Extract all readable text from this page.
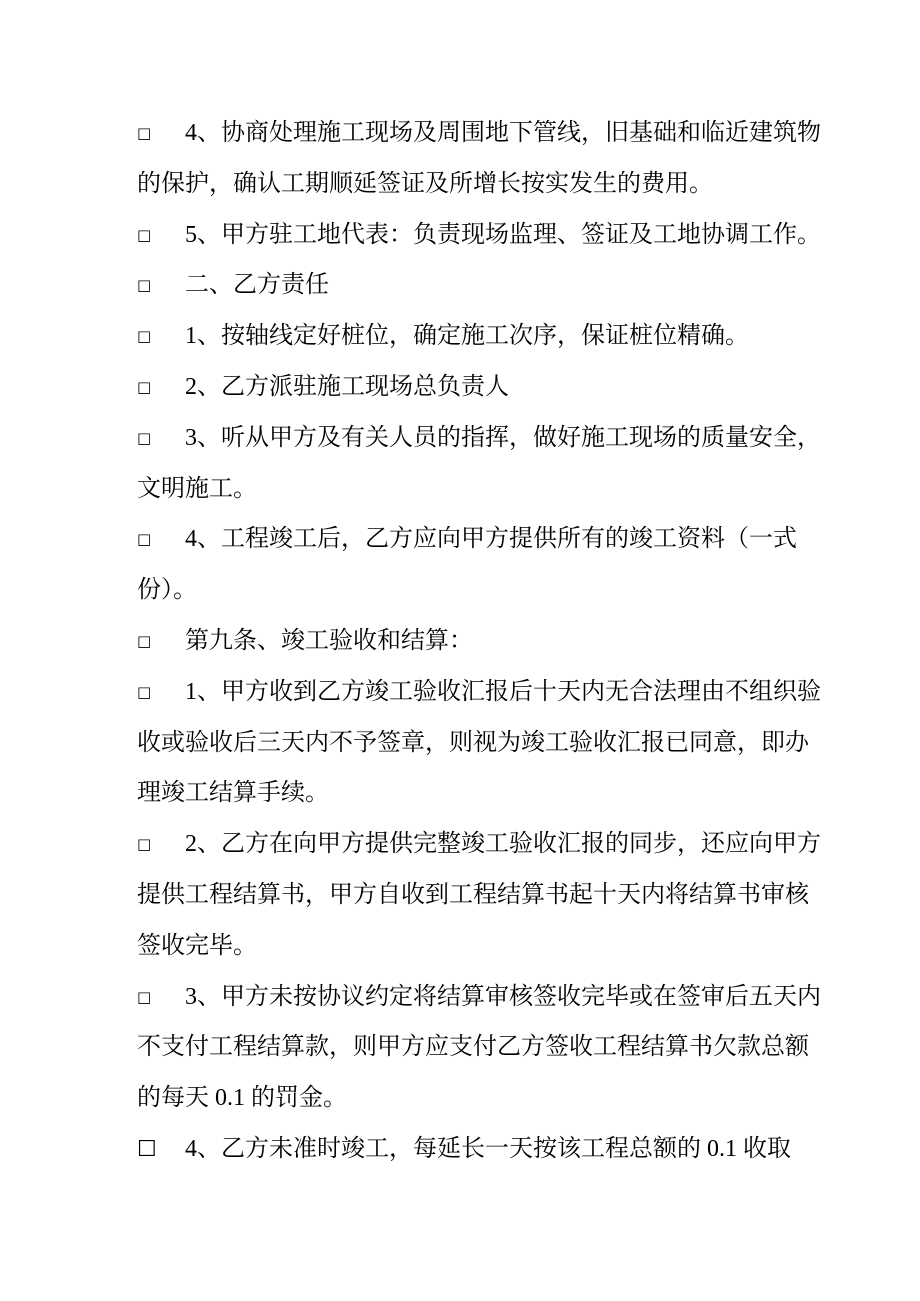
□ 4、协商处理施工现场及周围地下管线，旧基础和临近建筑物
的保护，确认工期顺延签证及所增长按实发生的费用。
□ 5、甲方驻工地代表：负责现场监理、签证及工地协调工作。
□ 二、乙方责任
□ 1、按轴线定好桩位，确定施工次序，保证桩位精确。
□ 2、乙方派驻施工现场总负责人
□ 3、听从甲方及有关人员的指挥，做好施工现场的质量安全，
文明施工。
□ 4、工程竣工后，乙方应向甲方提供所有的竣工资料（一式
份）。
□ 第九条、竣工验收和结算：
□ 1、甲方收到乙方竣工验收汇报后十天内无合法理由不组织验
收或验收后三天内不予签章，则视为竣工验收汇报已同意，即办
理竣工结算手续。
□ 2、乙方在向甲方提供完整竣工验收汇报的同步，还应向甲方
提供工程结算书，甲方自收到工程结算书起十天内将结算书审核
签收完毕。
□ 3、甲方未按协议约定将结算审核签收完毕或在签审后五天内
不支付工程结算款，则甲方应支付乙方签收工程结算书欠款总额
的每天 0.1 的罚金。
☐ 4、乙方未准时竣工，每延长一天按该工程总额的 0.1 收取
